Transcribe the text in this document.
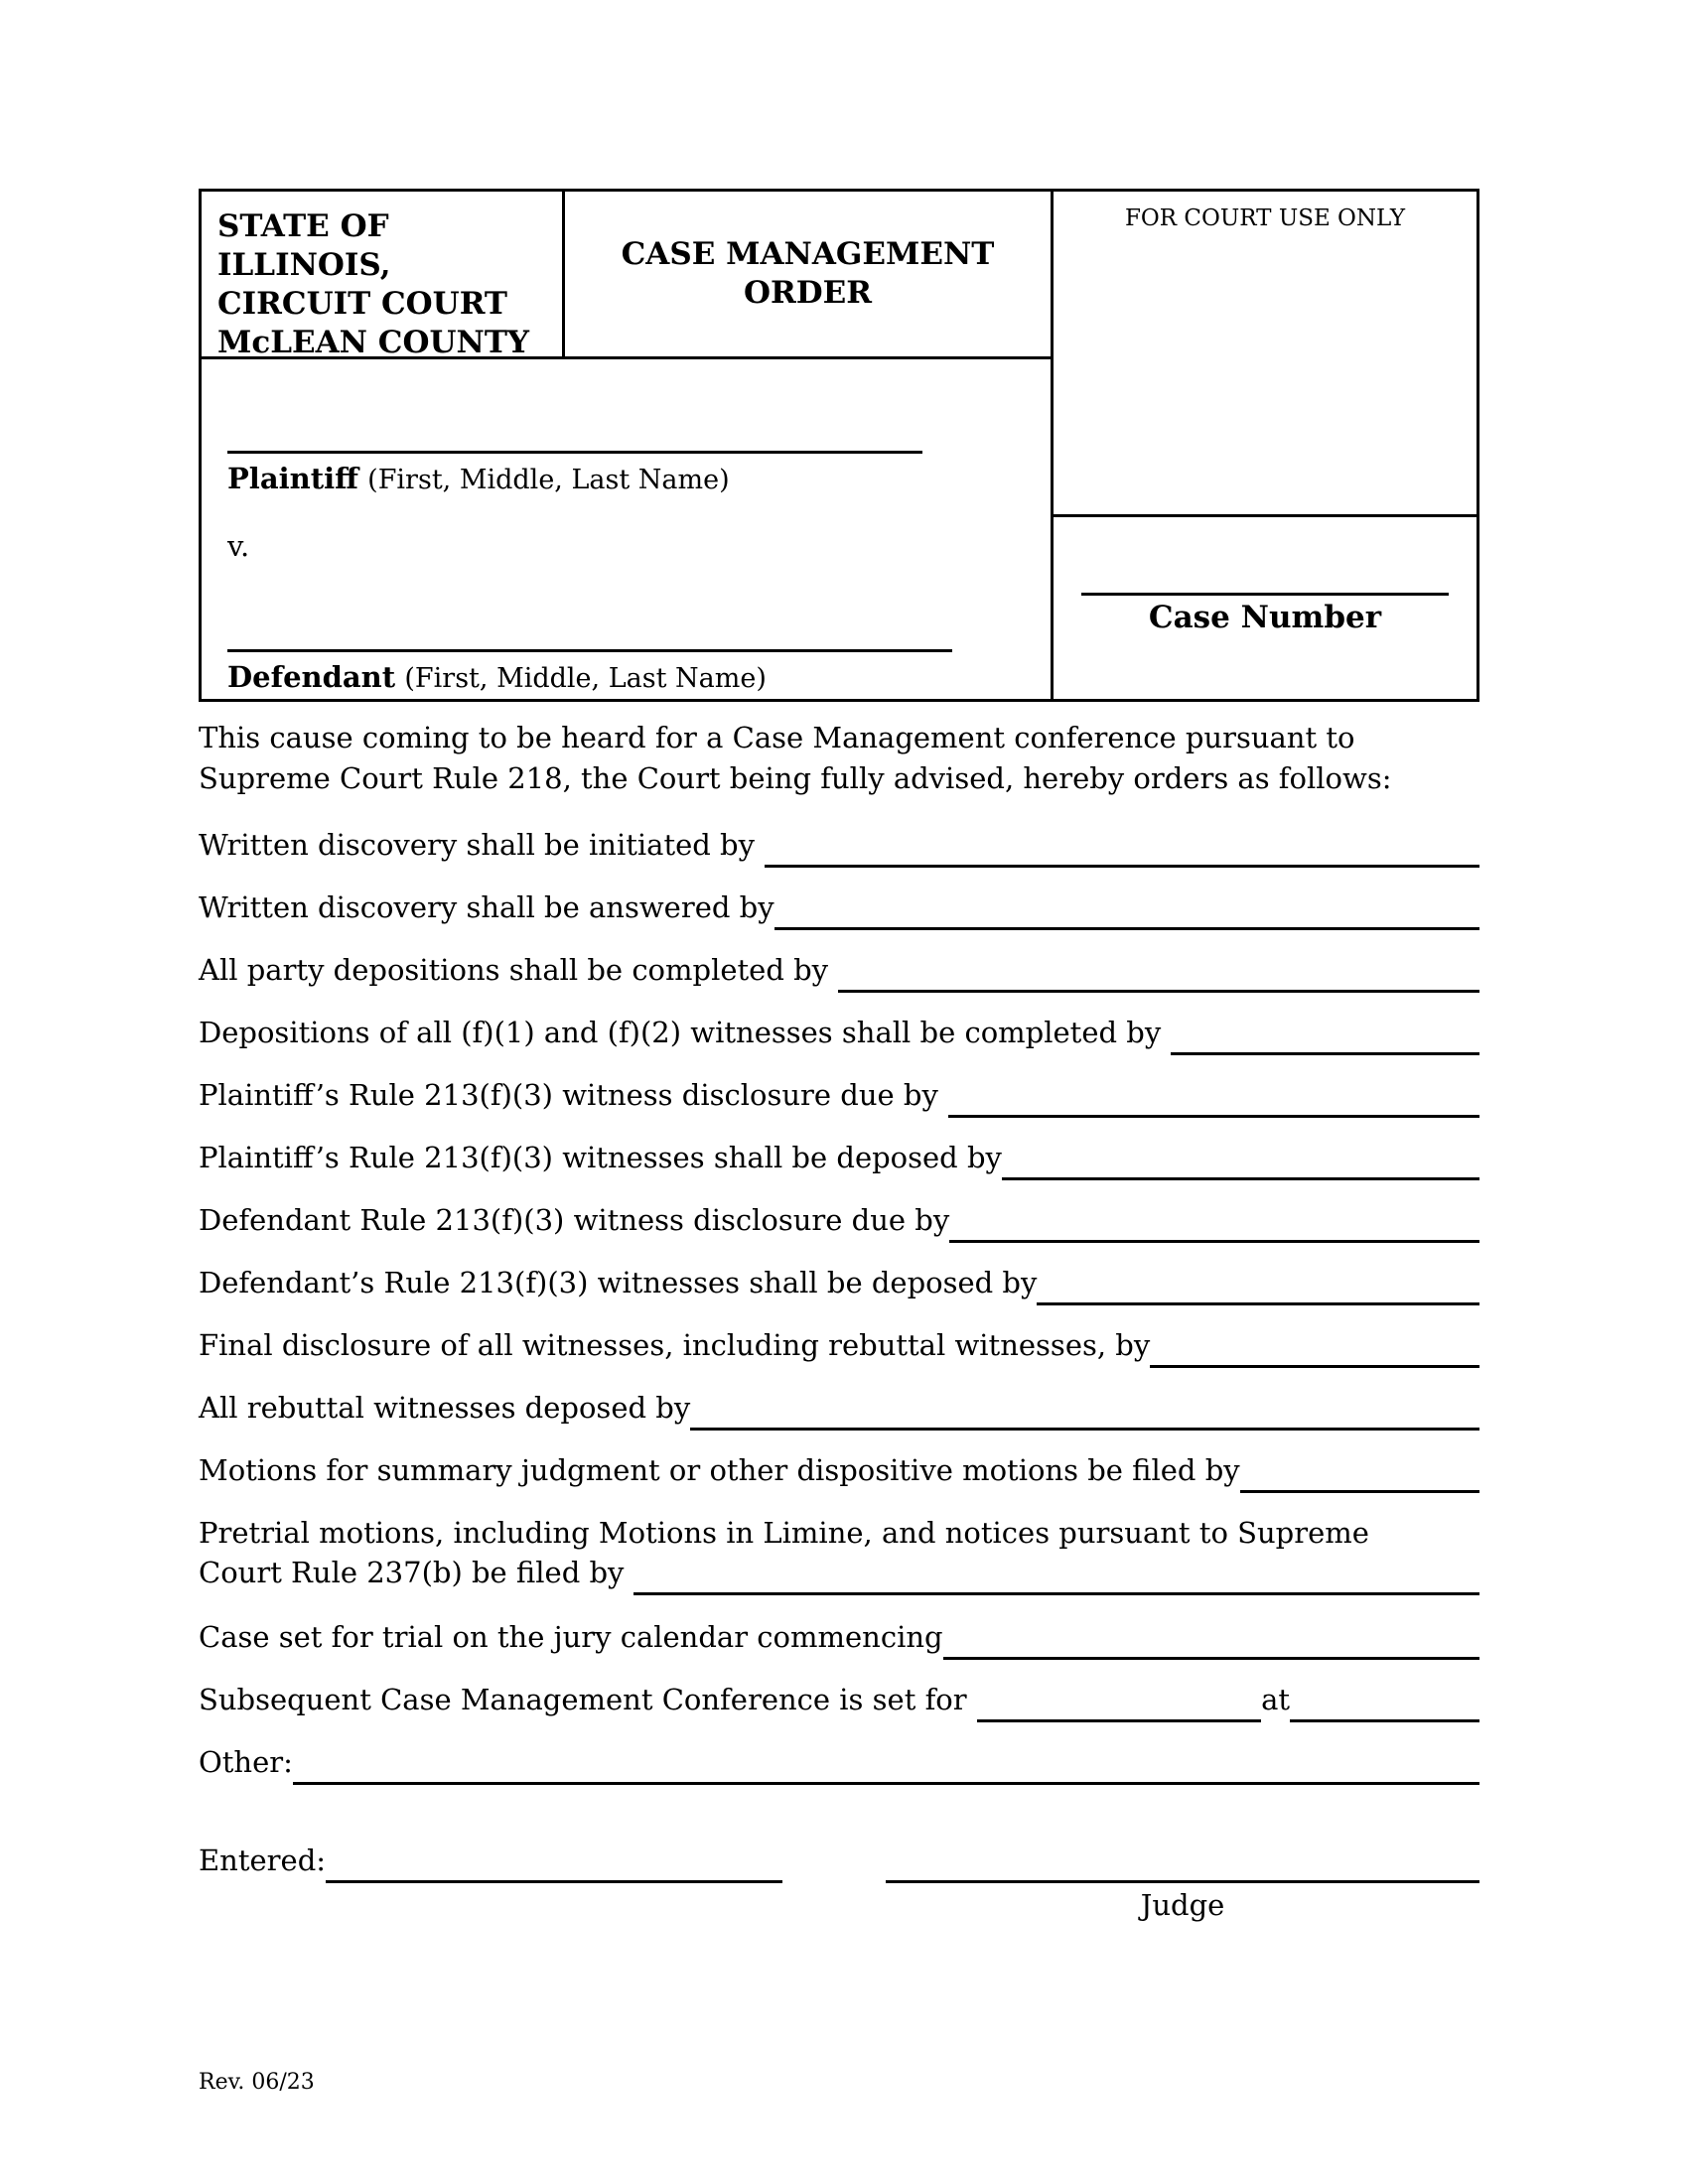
STATE OF ILLINOIS,
CIRCUIT COURT
McLEAN COUNTY
CASE MANAGEMENT
ORDER
Plaintiff (First, Middle, Last Name)
v.
Defendant (First, Middle, Last Name)
FOR COURT USE ONLY
Case Number
This cause coming to be heard for a Case Management conference pursuant to
Supreme Court Rule 218, the Court being fully advised, hereby orders as follows:
Written discovery shall be initiated by
Written discovery shall be answered by
All party depositions shall be completed by
Depositions of all (f)(1) and (f)(2) witnesses shall be completed by
Plaintiff’s Rule 213(f)(3) witness disclosure due by
Plaintiff’s Rule 213(f)(3) witnesses shall be deposed by
Defendant Rule 213(f)(3) witness disclosure due by
Defendant’s Rule 213(f)(3) witnesses shall be deposed by
Final disclosure of all witnesses, including rebuttal witnesses, by
All rebuttal witnesses deposed by
Motions for summary judgment or other dispositive motions be filed by
Pretrial motions, including Motions in Limine, and notices pursuant to Supreme
Court Rule 237(b) be filed by
Case set for trial on the jury calendar commencing
Subsequent Case Management Conference is set for	at
Other:
Entered:
Judge
Rev. 06/23
